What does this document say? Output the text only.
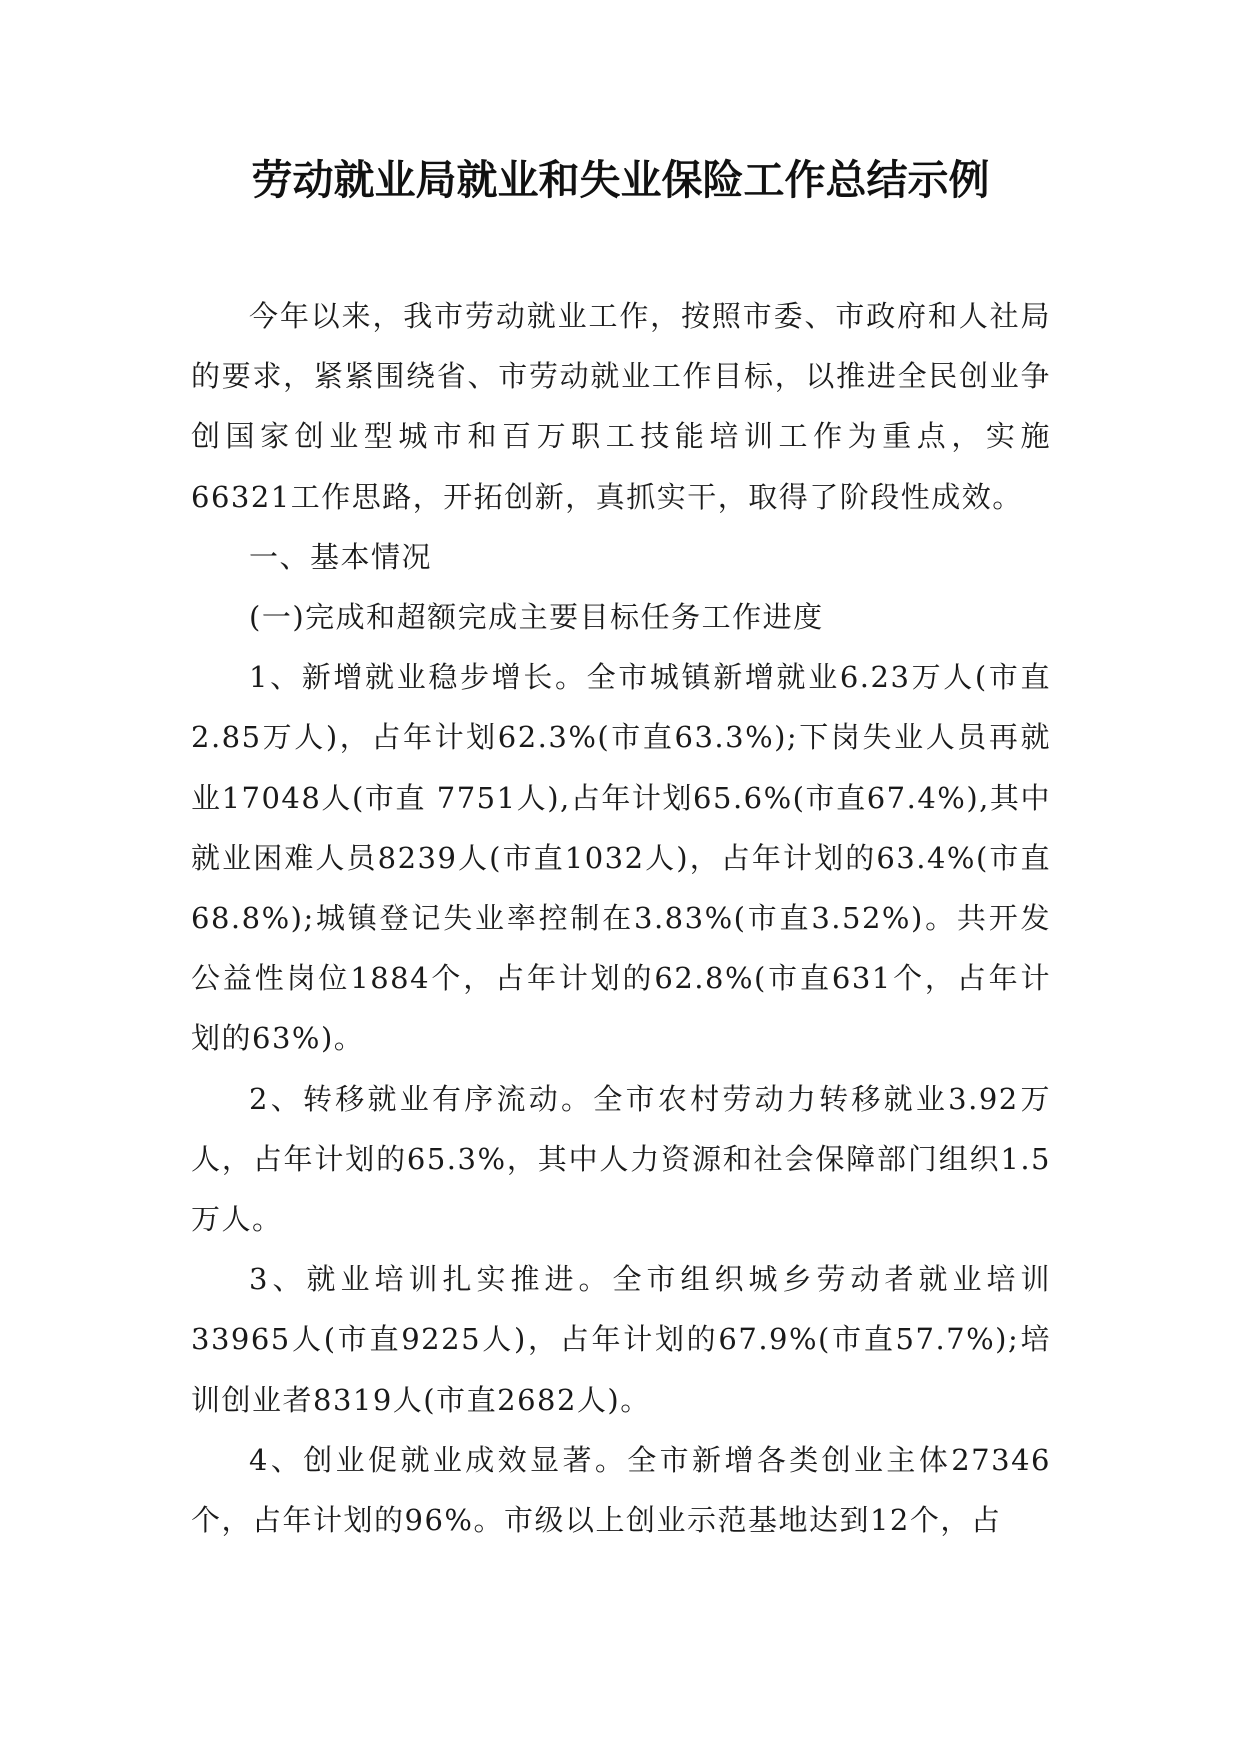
劳动就业局就业和失业保险工作总结示例

今年以来，我市劳动就业工作，按照市委、市政府和人社局的要求，紧紧围绕省、市劳动就业工作目标，以推进全民创业争创国家创业型城市和百万职工技能培训工作为重点，实施66321工作思路，开拓创新，真抓实干，取得了阶段性成效。

一、基本情况

(一)完成和超额完成主要目标任务工作进度

1、新增就业稳步增长。全市城镇新增就业6.23万人(市直2.85万人)，占年计划62.3%(市直63.3%);下岗失业人员再就业17048人(市直 7751人),占年计划65.6%(市直67.4%),其中就业困难人员8239人(市直1032人)，占年计划的63.4%(市直68.8%);城镇登记失业率控制在3.83%(市直3.52%)。共开发公益性岗位1884个，占年计划的62.8%(市直631个，占年计划的63%)。

2、转移就业有序流动。全市农村劳动力转移就业3.92万人，占年计划的65.3%，其中人力资源和社会保障部门组织1.5万人。

3、就业培训扎实推进。全市组织城乡劳动者就业培训33965人(市直9225人)，占年计划的67.9%(市直57.7%);培训创业者8319人(市直2682人)。

4、创业促就业成效显著。全市新增各类创业主体27346个，占年计划的96%。市级以上创业示范基地达到12个，占
